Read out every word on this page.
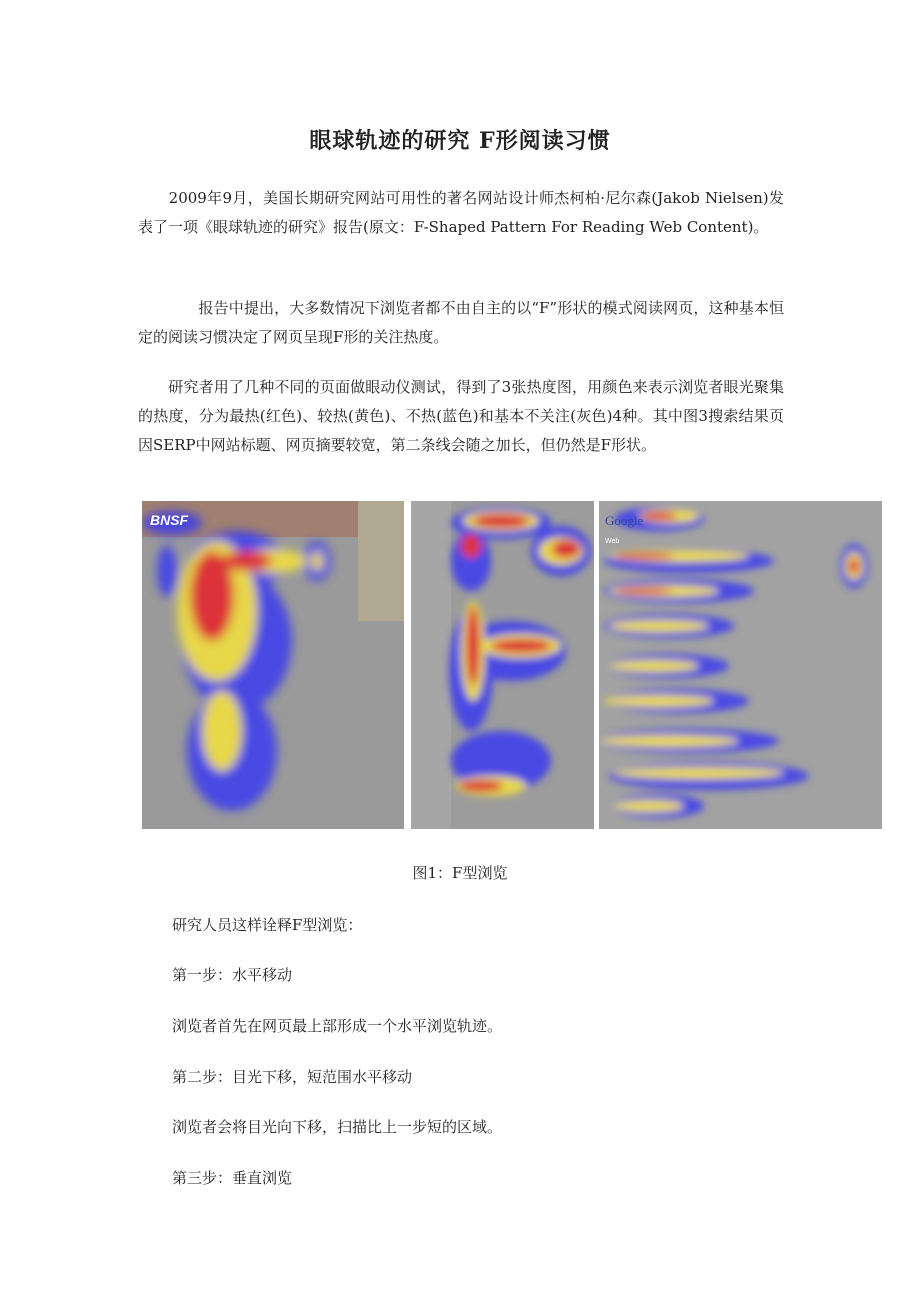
眼球轨迹的研究 F形阅读习惯
　　2009年9月，美国长期研究网站可用性的著名网站设计师杰柯柏·尼尔森(Jakob Nielsen)发表了一项《眼球轨迹的研究》报告(原文：F-Shaped Pattern For Reading Web Content)。
　　　　报告中提出，大多数情况下浏览者都不由自主的以“F”形状的模式阅读网页，这种基本恒定的阅读习惯决定了网页呈现F形的关注热度。
　　研究者用了几种不同的页面做眼动仪测试，得到了3张热度图，用颜色来表示浏览者眼光聚集的热度，分为最热(红色)、较热(黄色)、不热(蓝色)和基本不关注(灰色)4种。其中图3搜索结果页因SERP中网站标题、网页摘要较宽，第二条线会随之加长，但仍然是F形状。
BNSF	Google
Web
图1：F型浏览
研究人员这样诠释F型浏览：
第一步：水平移动
浏览者首先在网页最上部形成一个水平浏览轨迹。
第二步：目光下移，短范围水平移动
浏览者会将目光向下移，扫描比上一步短的区域。
第三步：垂直浏览
